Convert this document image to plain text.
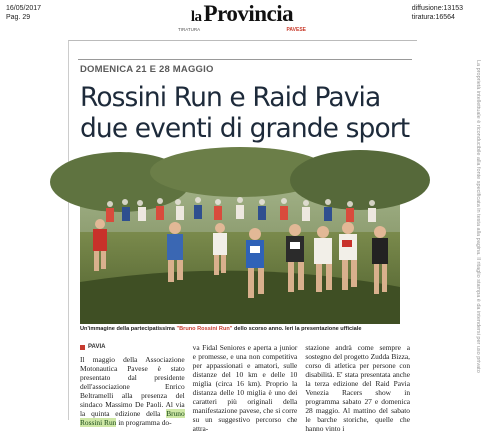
16/05/2017
Pag. 29	laProvincia
TIRATURA	PAVESE
diffusione:13153
tiratura:16564
La proprietà intellettuale è riconducibile alla fonte specificata in testa alla pagina. Il ritaglio stampa è da intendersi per uso privato
DOMENICA 21 E 28 MAGGIO
Rossini Run e Raid Pavia
due eventi di grande sport
Un'immagine della partecipatissima "Bruno Rossini Run" dello scorso anno. Ieri la presentazione ufficiale
PAVIA

Il maggio della Associazione Motonautica Pavese è stato presentato dal presidente dell'associazione Enrico Beltramelli alla presenza del sindaco Massimo De Paoli. Al via la quinta edizione della Bruno Rossini Run in programma do-

va Fidal Seniores e aperta a junior e promesse, e una non competitiva per appassionati e amatori, sulle distanze del 10 km e delle 10 miglia (circa 16 km). Proprio la distanza delle 10 miglia è uno dei caratteri più originali della manifestazione pavese, che si corre su un suggestivo percorso che attra-

stazione andrà come sempre a sostegno del progetto Zudda Bizza, corso di atletica per persone con disabilità. E' stata presentata anche la terza edizione del Raid Pavia Venezia Racers show in programma sabato 27 e domenica 28 maggio. Al mattino del sabato le barche storiche, quelle che hanno vinto i
